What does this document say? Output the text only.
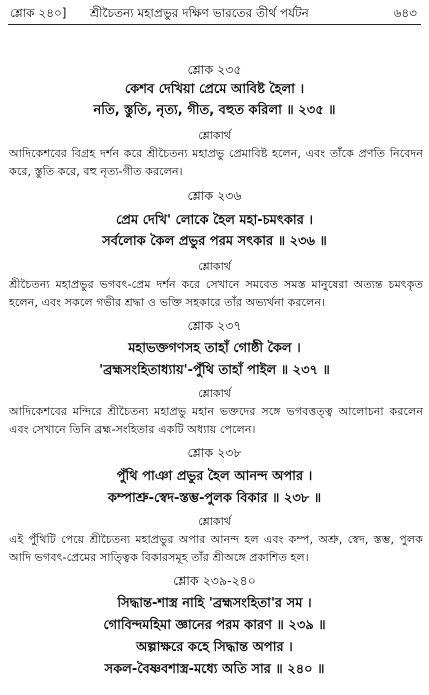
শ্লোক ২৪০] শ্রীচৈতন্য মহাপ্রভুর দক্ষিণ ভারতের তীর্থ পর্যটন	৬৪৩
শ্লোক ২৩৫
কেশব দেখিয়া প্রেমে আবিষ্ট হৈলা ।
নতি, স্তুতি, নৃত্য, গীত, বহুত করিলা ॥ ২৩৫ ॥
শ্লোকার্থ
আদিকেশবের বিগ্রহ দর্শন করে শ্রীচৈতন্য মহাপ্রভু প্রেমাবিষ্ট হলেন, এবং তাঁকে প্রণতি নিবেদন করে, স্তুতি করে, বহু নৃত্য-গীত করলেন।
শ্লোক ২৩৬
প্রেম দেখি' লোকে হৈল মহা-চমৎকার ।
সর্বলোক কৈল প্রভুর পরম সৎকার ॥ ২৩৬ ॥
শ্লোকার্থ
শ্রীচৈতন্য মহাপ্রভুর ভগবৎ-প্রেম দর্শন করে সেখানে সমবেত সমস্ত মানুষেরা অত্যন্ত চমৎকৃত হলেন, এবং সকলে গভীর শ্রদ্ধা ও ভক্তি সহকারে তাঁর অভ্যর্থনা করলেন।
শ্লোক ২৩৭
মহাভক্তগণসহ তাহাঁ গোষ্ঠী কৈল ।
'ব্রহ্মসংহিতাধ্যায়'-পুঁথি তাহাঁ পাইল ॥ ২৩৭ ॥
শ্লোকার্থ
আদিকেশবের মন্দিরে শ্রীচৈতন্য মহাপ্রভু মহান ভক্তদের সঙ্গে ভগবত্তত্ত্ব আলোচনা করলেন এবং সেখানে তিনি ব্রহ্ম-সংহিতার একটি অধ্যায় পেলেন।
শ্লোক ২৩৮
পুঁথি পাঞা প্রভুর হৈল আনন্দ অপার ।
কম্পাশ্রু-স্বেদ-স্তম্ভ-পুলক বিকার ॥ ২৩৮ ॥
শ্লোকার্থ
এই পুঁথিটি পেয়ে শ্রীচৈতন্য মহাপ্রভুর অপার আনন্দ হল এবং কম্প, অশ্রু, স্বেদ, স্তম্ভ, পুলক আদি ভগবৎ-প্রেমের সাত্ত্বিক বিকারসমূহ তাঁর শ্রীঅঙ্গে প্রকাশিত হল।
শ্লোক ২৩৯-২৪০
সিদ্ধান্ত-শাস্ত্র নাহি 'ব্রহ্মসংহিতা'র সম ।
গোবিন্দমহিমা জ্ঞানের পরম কারণ ॥ ২৩৯ ॥
অল্পাক্ষরে কহে সিদ্ধান্ত অপার ।
সকল-বৈষ্ণবশাস্ত্র-মধ্যে অতি সার ॥ ২৪০ ॥
